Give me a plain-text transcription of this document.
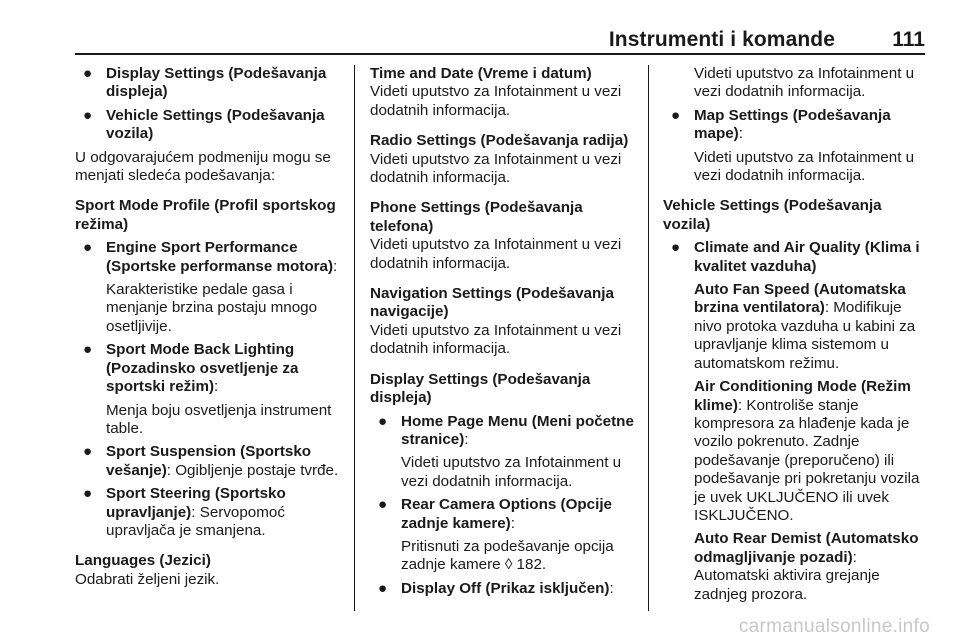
Instrumenti i komande	111
● Display Settings (Podešavanja displeja)
● Vehicle Settings (Podešavanja vozila)
U odgovarajućem podmeniju mogu se menjati sledeća podešavanja:
Sport Mode Profile (Profil sportskog režima)
● Engine Sport Performance (Sportske performanse motora):
Karakteristike pedale gasa i menjanje brzina postaju mnogo osetljivije.
● Sport Mode Back Lighting (Pozadinsko osvetljenje za sportski režim):
Menja boju osvetljenja instrument table.
● Sport Suspension (Sportsko vešanje): Ogibljenje postaje tvrđe.
● Sport Steering (Sportsko upravljanje): Servopomoć upravljača je smanjena.
Languages (Jezici)
Odabrati željeni jezik.
Time and Date (Vreme i datum)
Videti uputstvo za Infotainment u vezi dodatnih informacija.
Radio Settings (Podešavanja radija)
Videti uputstvo za Infotainment u vezi dodatnih informacija.
Phone Settings (Podešavanja telefona)
Videti uputstvo za Infotainment u vezi dodatnih informacija.
Navigation Settings (Podešavanja navigacije)
Videti uputstvo za Infotainment u vezi dodatnih informacija.
Display Settings (Podešavanja displeja)
● Home Page Menu (Meni početne stranice):
Videti uputstvo za Infotainment u vezi dodatnih informacija.
● Rear Camera Options (Opcije zadnje kamere):
Pritisnuti za podešavanje opcija zadnje kamere ◊ 182.
● Display Off (Prikaz isključen):
Videti uputstvo za Infotainment u vezi dodatnih informacija.
● Map Settings (Podešavanja mape):
Videti uputstvo za Infotainment u vezi dodatnih informacija.
Vehicle Settings (Podešavanja vozila)
● Climate and Air Quality (Klima i kvalitet vazduha)
Auto Fan Speed (Automatska brzina ventilatora): Modifikuje nivo protoka vazduha u kabini za upravljanje klima sistemom u automatskom režimu.
Air Conditioning Mode (Režim klime): Kontroliše stanje kompresora za hlađenje kada je vozilo pokrenuto. Zadnje podešavanje (preporučeno) ili podešavanje pri pokretanju vozila je uvek UKLJUČENO ili uvek ISKLJUČENO.
Auto Rear Demist (Automatsko odmagljivanje pozadi):
Automatski aktivira grejanje zadnjeg prozora.
carmanualsonline.info
